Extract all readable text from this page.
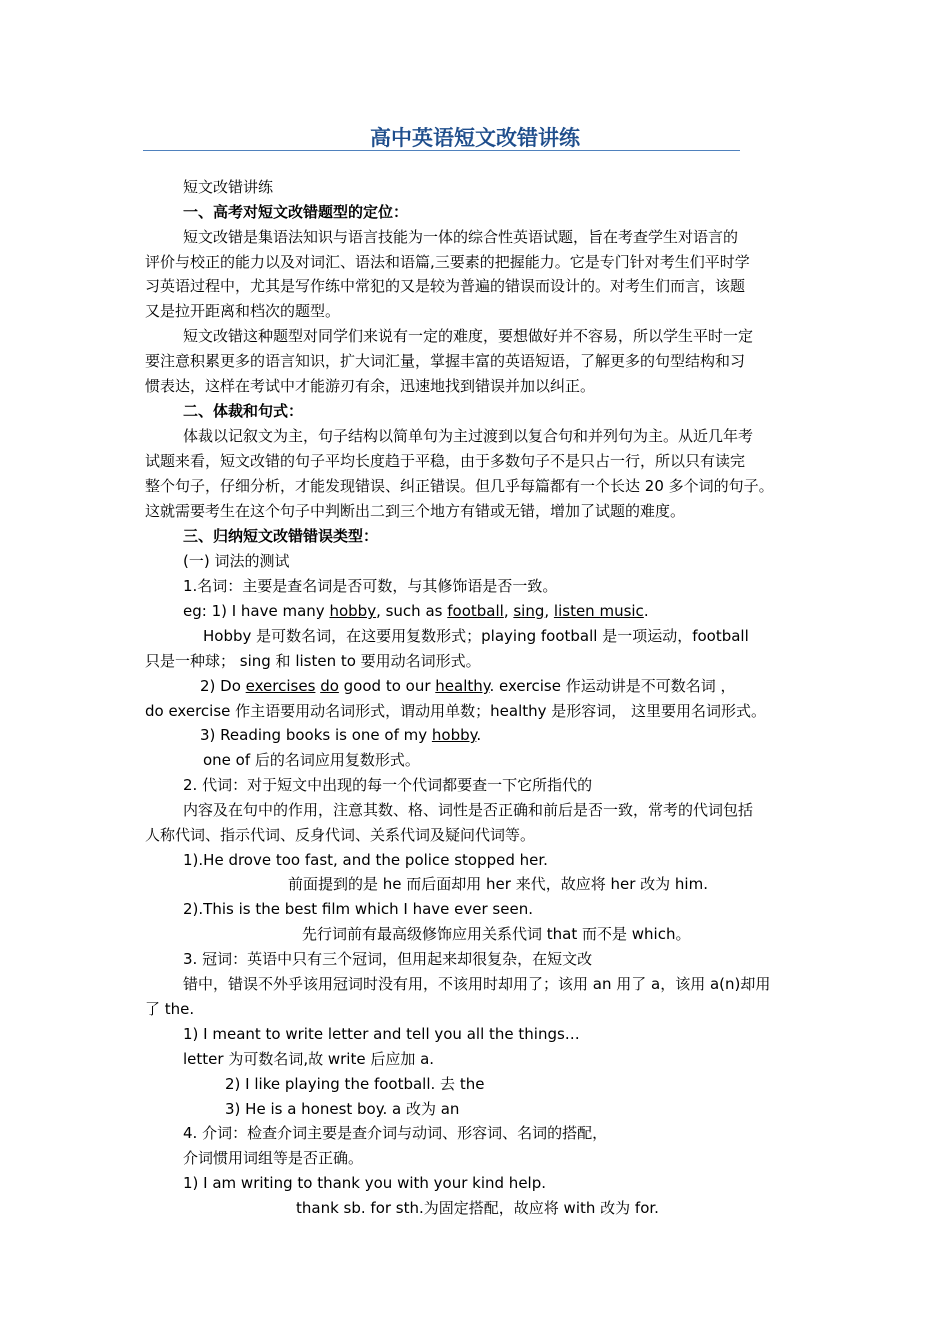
高中英语短文改错讲练
短文改错讲练
一、高考对短文改错题型的定位：
短文改错是集语法知识与语言技能为一体的综合性英语试题，旨在考查学生对语言的
评价与校正的能力以及对词汇、语法和语篇,三要素的把握能力。它是专门针对考生们平时学
习英语过程中，尤其是写作练中常犯的又是较为普遍的错误而设计的。对考生们而言，该题
又是拉开距离和档次的题型。
短文改错这种题型对同学们来说有一定的难度，要想做好并不容易，所以学生平时一定
要注意积累更多的语言知识，扩大词汇量，掌握丰富的英语短语，了解更多的句型结构和习
惯表达，这样在考试中才能游刃有余，迅速地找到错误并加以纠正。
二、体裁和句式：
体裁以记叙文为主，句子结构以简单句为主过渡到以复合句和并列句为主。从近几年考
试题来看，短文改错的句子平均长度趋于平稳，由于多数句子不是只占一行，所以只有读完
整个句子，仔细分析，才能发现错误、纠正错误。但几乎每篇都有一个长达 20 多个词的句子。
这就需要考生在这个句子中判断出二到三个地方有错或无错，增加了试题的难度。
三、归纳短文改错错误类型：
(一) 词法的测试
1.名词：主要是查名词是否可数，与其修饰语是否一致。
eg: 1) I have many hobby, such as football, sing, listen music.
Hobby 是可数名词，在这要用复数形式；playing football 是一项运动，football
只是一种球； sing 和 listen to 要用动名词形式。
2) Do exercises do good to our healthy. exercise 作运动讲是不可数名词 ，
do exercise 作主语要用动名词形式，谓动用单数；healthy 是形容词， 这里要用名词形式。
3) Reading books is one of my hobby.
one of 后的名词应用复数形式。
2. 代词：对于短文中出现的每一个代词都要查一下它所指代的
内容及在句中的作用，注意其数、格、词性是否正确和前后是否一致，常考的代词包括
人称代词、指示代词、反身代词、关系代词及疑问代词等。
1).He drove too fast, and the police stopped her.
前面提到的是 he 而后面却用 her 来代，故应将 her 改为 him.
2).This is the best film which I have ever seen.
先行词前有最高级修饰应用关系代词 that 而不是 which。
3. 冠词：英语中只有三个冠词，但用起来却很复杂，在短文改
错中，错误不外乎该用冠词时没有用，不该用时却用了；该用 an 用了 a，该用 a(n)却用
了 the.
1) I meant to write letter and tell you all the things…
letter 为可数名词,故 write 后应加 a.
2) I like playing the football. 去 the
3) He is a honest boy. a 改为 an
4. 介词：检查介词主要是查介词与动词、形容词、名词的搭配，
介词惯用词组等是否正确。
1) I am writing to thank you with your kind help.
thank sb. for sth.为固定搭配，故应将 with 改为 for.
